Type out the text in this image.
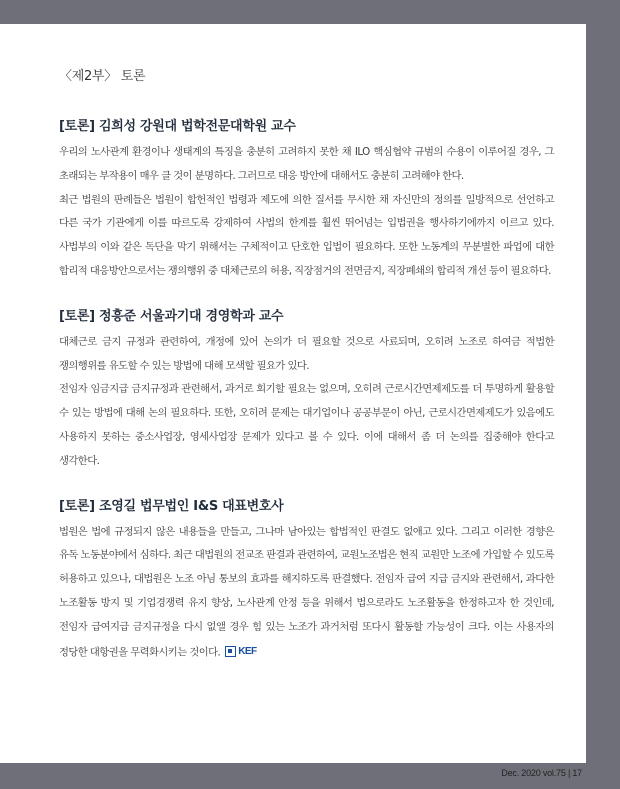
〈제2부〉 토론
[토론] 김희성 강원대 법학전문대학원 교수

우리의 노사관계 환경이나 생태계의 특징을 충분히 고려하지 못한 채 ILO 핵심협약 규범의 수용이 이루어질 경우, 그 초래되는 부작용이 매우 클 것이 분명하다. 그러므로 대응 방안에 대해서도 충분히 고려해야 한다.

최근 법원의 판례들은 법원이 합헌적인 법령과 제도에 의한 질서를 무시한 채 자신만의 정의를 일방적으로 선언하고 다른 국가 기관에게 이를 따르도록 강제하여 사법의 한계를 훨씬 뛰어넘는 입법권을 행사하기에까지 이르고 있다. 사법부의 이와 같은 독단을 막기 위해서는 구체적이고 단호한 입법이 필요하다. 또한 노동계의 무분별한 파업에 대한 합리적 대응방안으로서는 쟁의행위 중 대체근로의 허용, 직장점거의 전면금지, 직장폐쇄의 합리적 개선 등이 필요하다.

[토론] 정흥준 서울과기대 경영학과 교수

대체근로 금지 규정과 관련하여, 개정에 있어 논의가 더 필요할 것으로 사료되며, 오히려 노조로 하여금 적법한 쟁의행위를 유도할 수 있는 방법에 대해 모색할 필요가 있다.

전임자 임금지급 금지규정과 관련해서, 과거로 회기할 필요는 없으며, 오히려 근로시간면제제도를 더 투명하게 활용할 수 있는 방법에 대해 논의 필요하다. 또한, 오히려 문제는 대기업이나 공공부문이 아닌, 근로시간면제제도가 있음에도 사용하지 못하는 중소사업장, 영세사업장 문제가 있다고 볼 수 있다. 이에 대해서 좀 더 논의를 집중해야 한다고 생각한다.

[토론] 조영길 법무법인 I&S 대표변호사

법원은 법에 규정되지 않은 내용들을 만들고, 그나마 남아있는 합법적인 판결도 없애고 있다. 그리고 이러한 경향은 유독 노동분야에서 심하다. 최근 대법원의 전교조 판결과 관련하여, 교원노조법은 현직 교원만 노조에 가입할 수 있도록 허용하고 있으나, 대법원은 노조 아님 통보의 효과를 해지하도록 판결했다. 전임자 급여 지급 금지와 관련해서, 과다한 노조활동 방지 및 기업경쟁력 유지 향상, 노사관계 안정 등을 위해서 법으로라도 노조활동을 한정하고자 한 것인데, 전임자 급여지급 금지규정을 다시 없앨 경우 힘 있는 노조가 과거처럼 또다시 활동할 가능성이 크다. 이는 사용자의 정당한 대항권을 무력화시키는 것이다. KEF

Dec. 2020 vol.75 | 17
